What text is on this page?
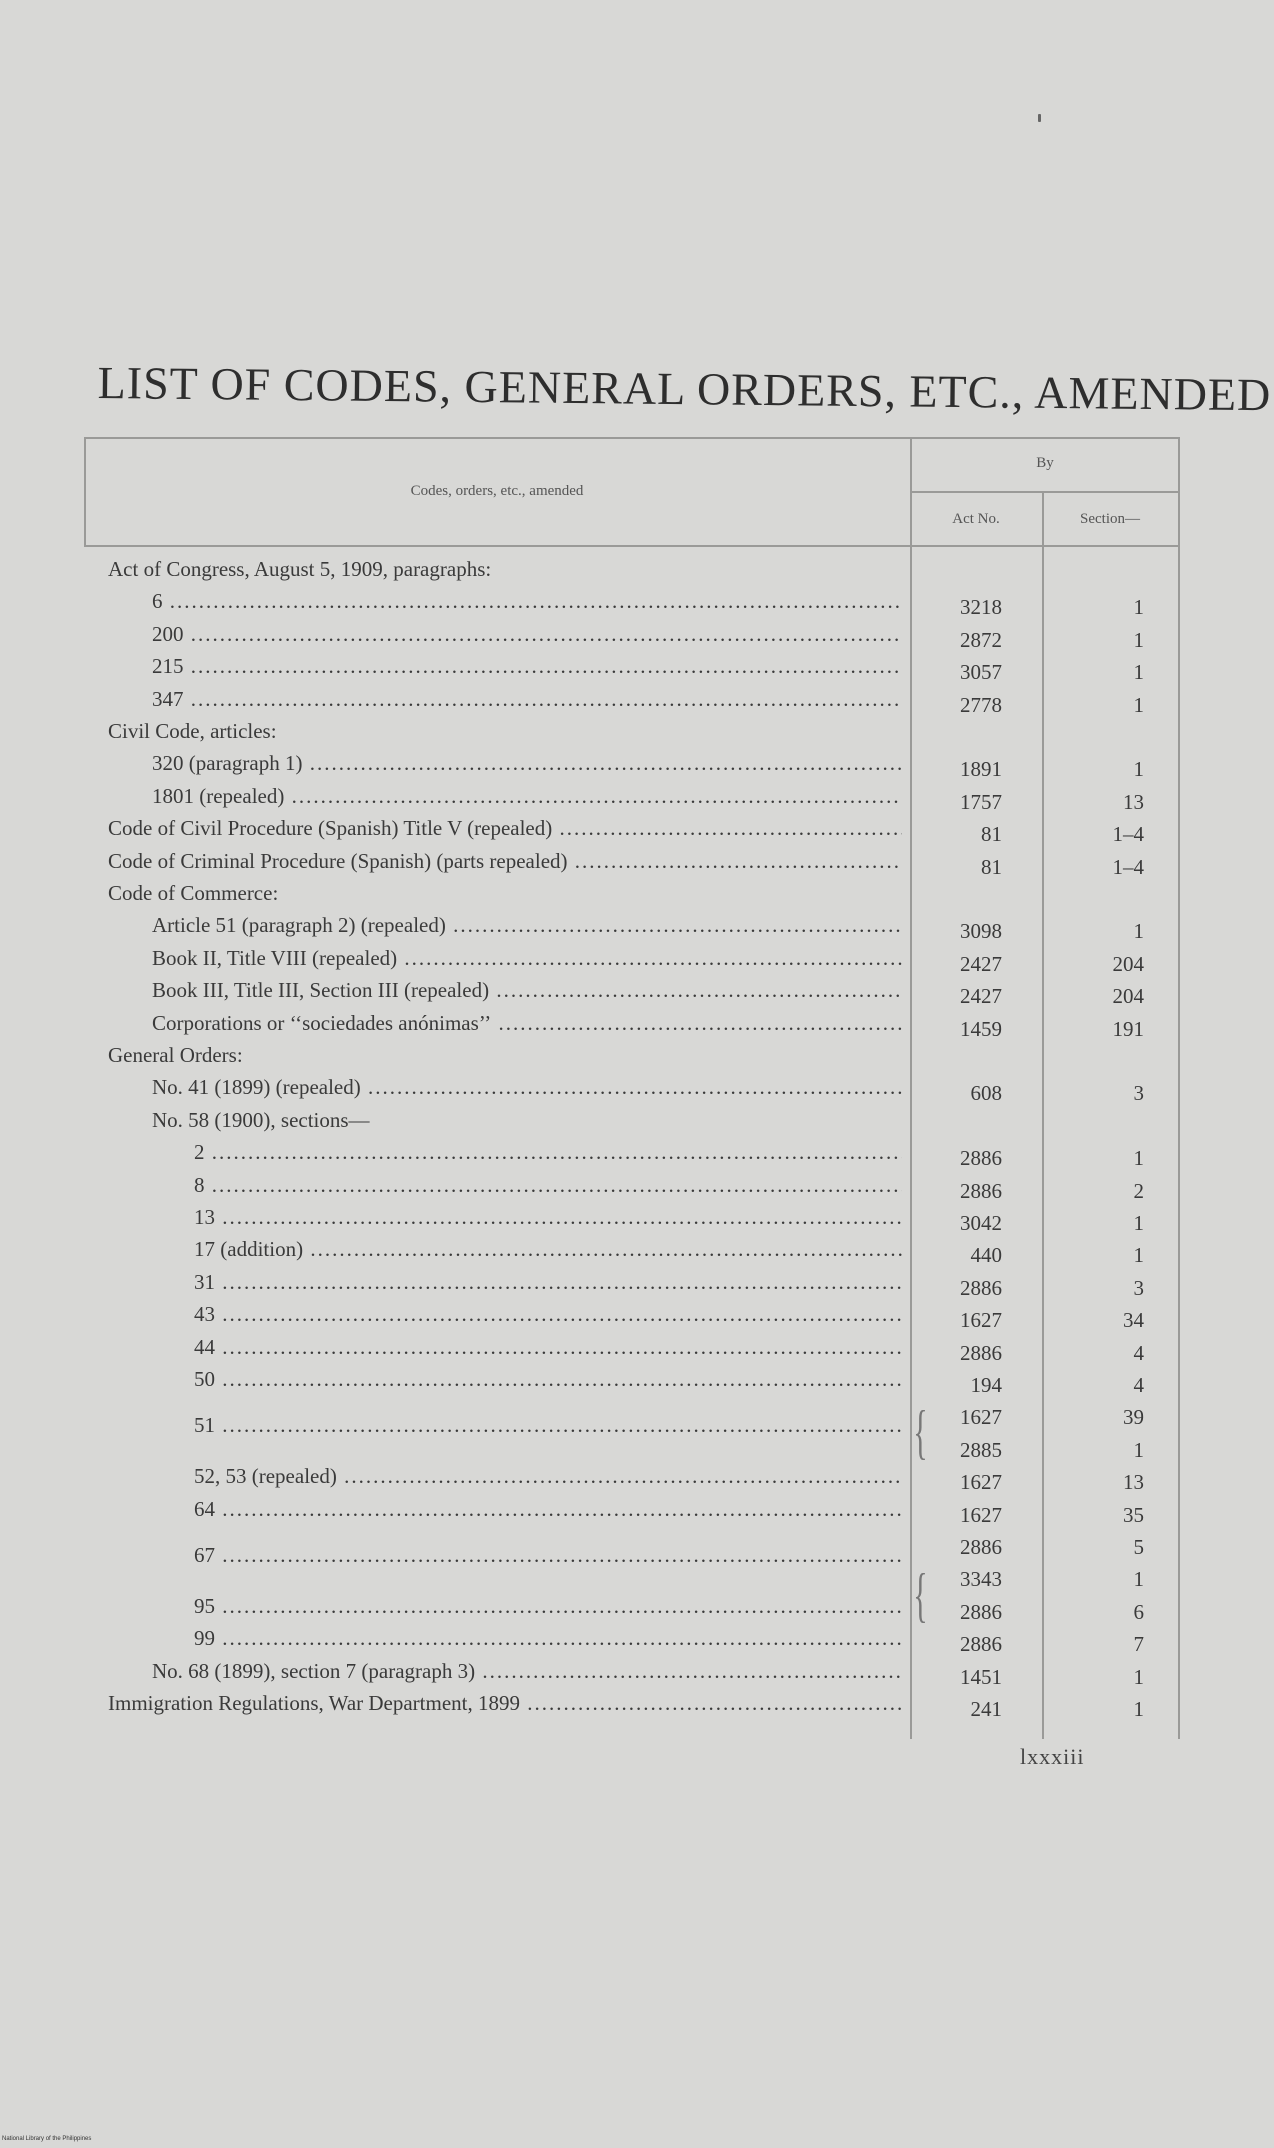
LIST OF CODES, GENERAL ORDERS, ETC., AMENDED
Codes, orders, etc., amended
By
Act No.	Section—
Act of Congress, August 5, 1909, paragraphs:
6 .....	3218	1
200 .....	2872	1
215 .....	3057	1
347 .....	2778	1
Civil Code, articles:
320 (paragraph 1) .....	1891	1
1801 (repealed) .....	1757	13
Code of Civil Procedure (Spanish) Title V (repealed) .....	81	1–4
Code of Criminal Procedure (Spanish) (parts repealed) .....	81	1–4
Code of Commerce:
Article 51 (paragraph 2) (repealed) .....	3098	1
Book II, Title VIII (repealed) .....	2427	204
Book III, Title III, Section III (repealed) .....	2427	204
Corporations or ‘‘sociedades anónimas’’ .....	1459	191
General Orders:
No. 41 (1899) (repealed) .....	608	3
No. 58 (1900), sections—
2 .....	2886	1
8 .....	2886	2
13 .....	3042	1
17 (addition) .....	440	1
31 .....	2886	3
43 .....	1627	34
44 .....	2886	4
50 .....	194	4
51 .....	1627	39
2885	1
52, 53 (repealed) .....	1627	13
64 .....	1627	35
67 .....	2886	5
3343	1
95 .....	2886	6
99 .....	2886	7
No. 68 (1899), section 7 (paragraph 3) .....	1451	1
Immigration Regulations, War Department, 1899 .....	241	1
{
{
lxxxiii
National Library of the Philippines
